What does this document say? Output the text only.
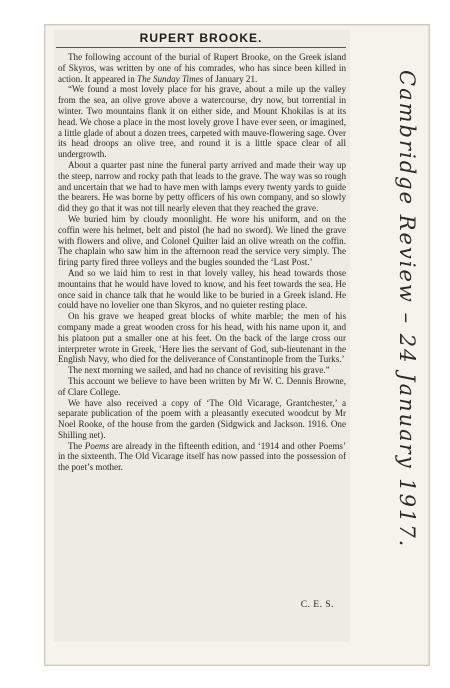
RUPERT BROOKE.

The following account of the burial of Rupert Brooke, on the Greek island of Skyros, was written by one of his comrades, who has since been killed in action. It appeared in The Sunday Times of January 21.

“We found a most lovely place for his grave, about a mile up the valley from the sea, an olive grove above a watercourse, dry now, but torrential in winter. Two mountains flank it on either side, and Mount Khokilas is at its head. We chose a place in the most lovely grove I have ever seen, or imagined, a little glade of about a dozen trees, carpeted with mauve-flowering sage. Over its head droops an olive tree, and round it is a little space clear of all undergrowth.

About a quarter past nine the funeral party arrived and made their way up the steep, narrow and rocky path that leads to the grave. The way was so rough and uncertain that we had to have men with lamps every twenty yards to guide the bearers. He was borne by petty officers of his own company, and so slowly did they go that it was not till nearly eleven that they reached the grave.

We buried him by cloudy moonlight. He wore his uniform, and on the coffin were his helmet, belt and pistol (he had no sword). We lined the grave with flowers and olive, and Colonel Quilter laid an olive wreath on the coffin. The chaplain who saw him in the afternoon read the service very simply. The firing party fired three volleys and the bugles sounded the ‘Last Post.’

And so we laid him to rest in that lovely valley, his head towards those mountains that he would have loved to know, and his feet towards the sea. He once said in chance talk that he would like to be buried in a Greek island. He could have no lovelier one than Skyros, and no quieter resting place.

On his grave we heaped great blocks of white marble; the men of his company made a great wooden cross for his head, with his name upon it, and his platoon put a smaller one at his feet. On the back of the large cross our interpreter wrote in Greek, ‘Here lies the servant of God, sub-lieutenant in the English Navy, who died for the deliverance of Constantinople from the Turks.’

The next morning we sailed, and had no chance of revisiting his grave.”

This account we believe to have been written by Mr W. C. Dennis Browne, of Clare College.

We have also received a copy of ‘The Old Vicarage, Grantchester,’ a separate publication of the poem with a pleasantly executed woodcut by Mr Noel Rooke, of the house from the garden (Sidgwick and Jackson. 1916. One Shilling net).

The Poems are already in the fifteenth edition, and ‘1914 and other Poems’ in the sixteenth. The Old Vicarage itself has now passed into the possession of the poet’s mother.

C. E. S.
Cambridge Review – 24 January 1917.
